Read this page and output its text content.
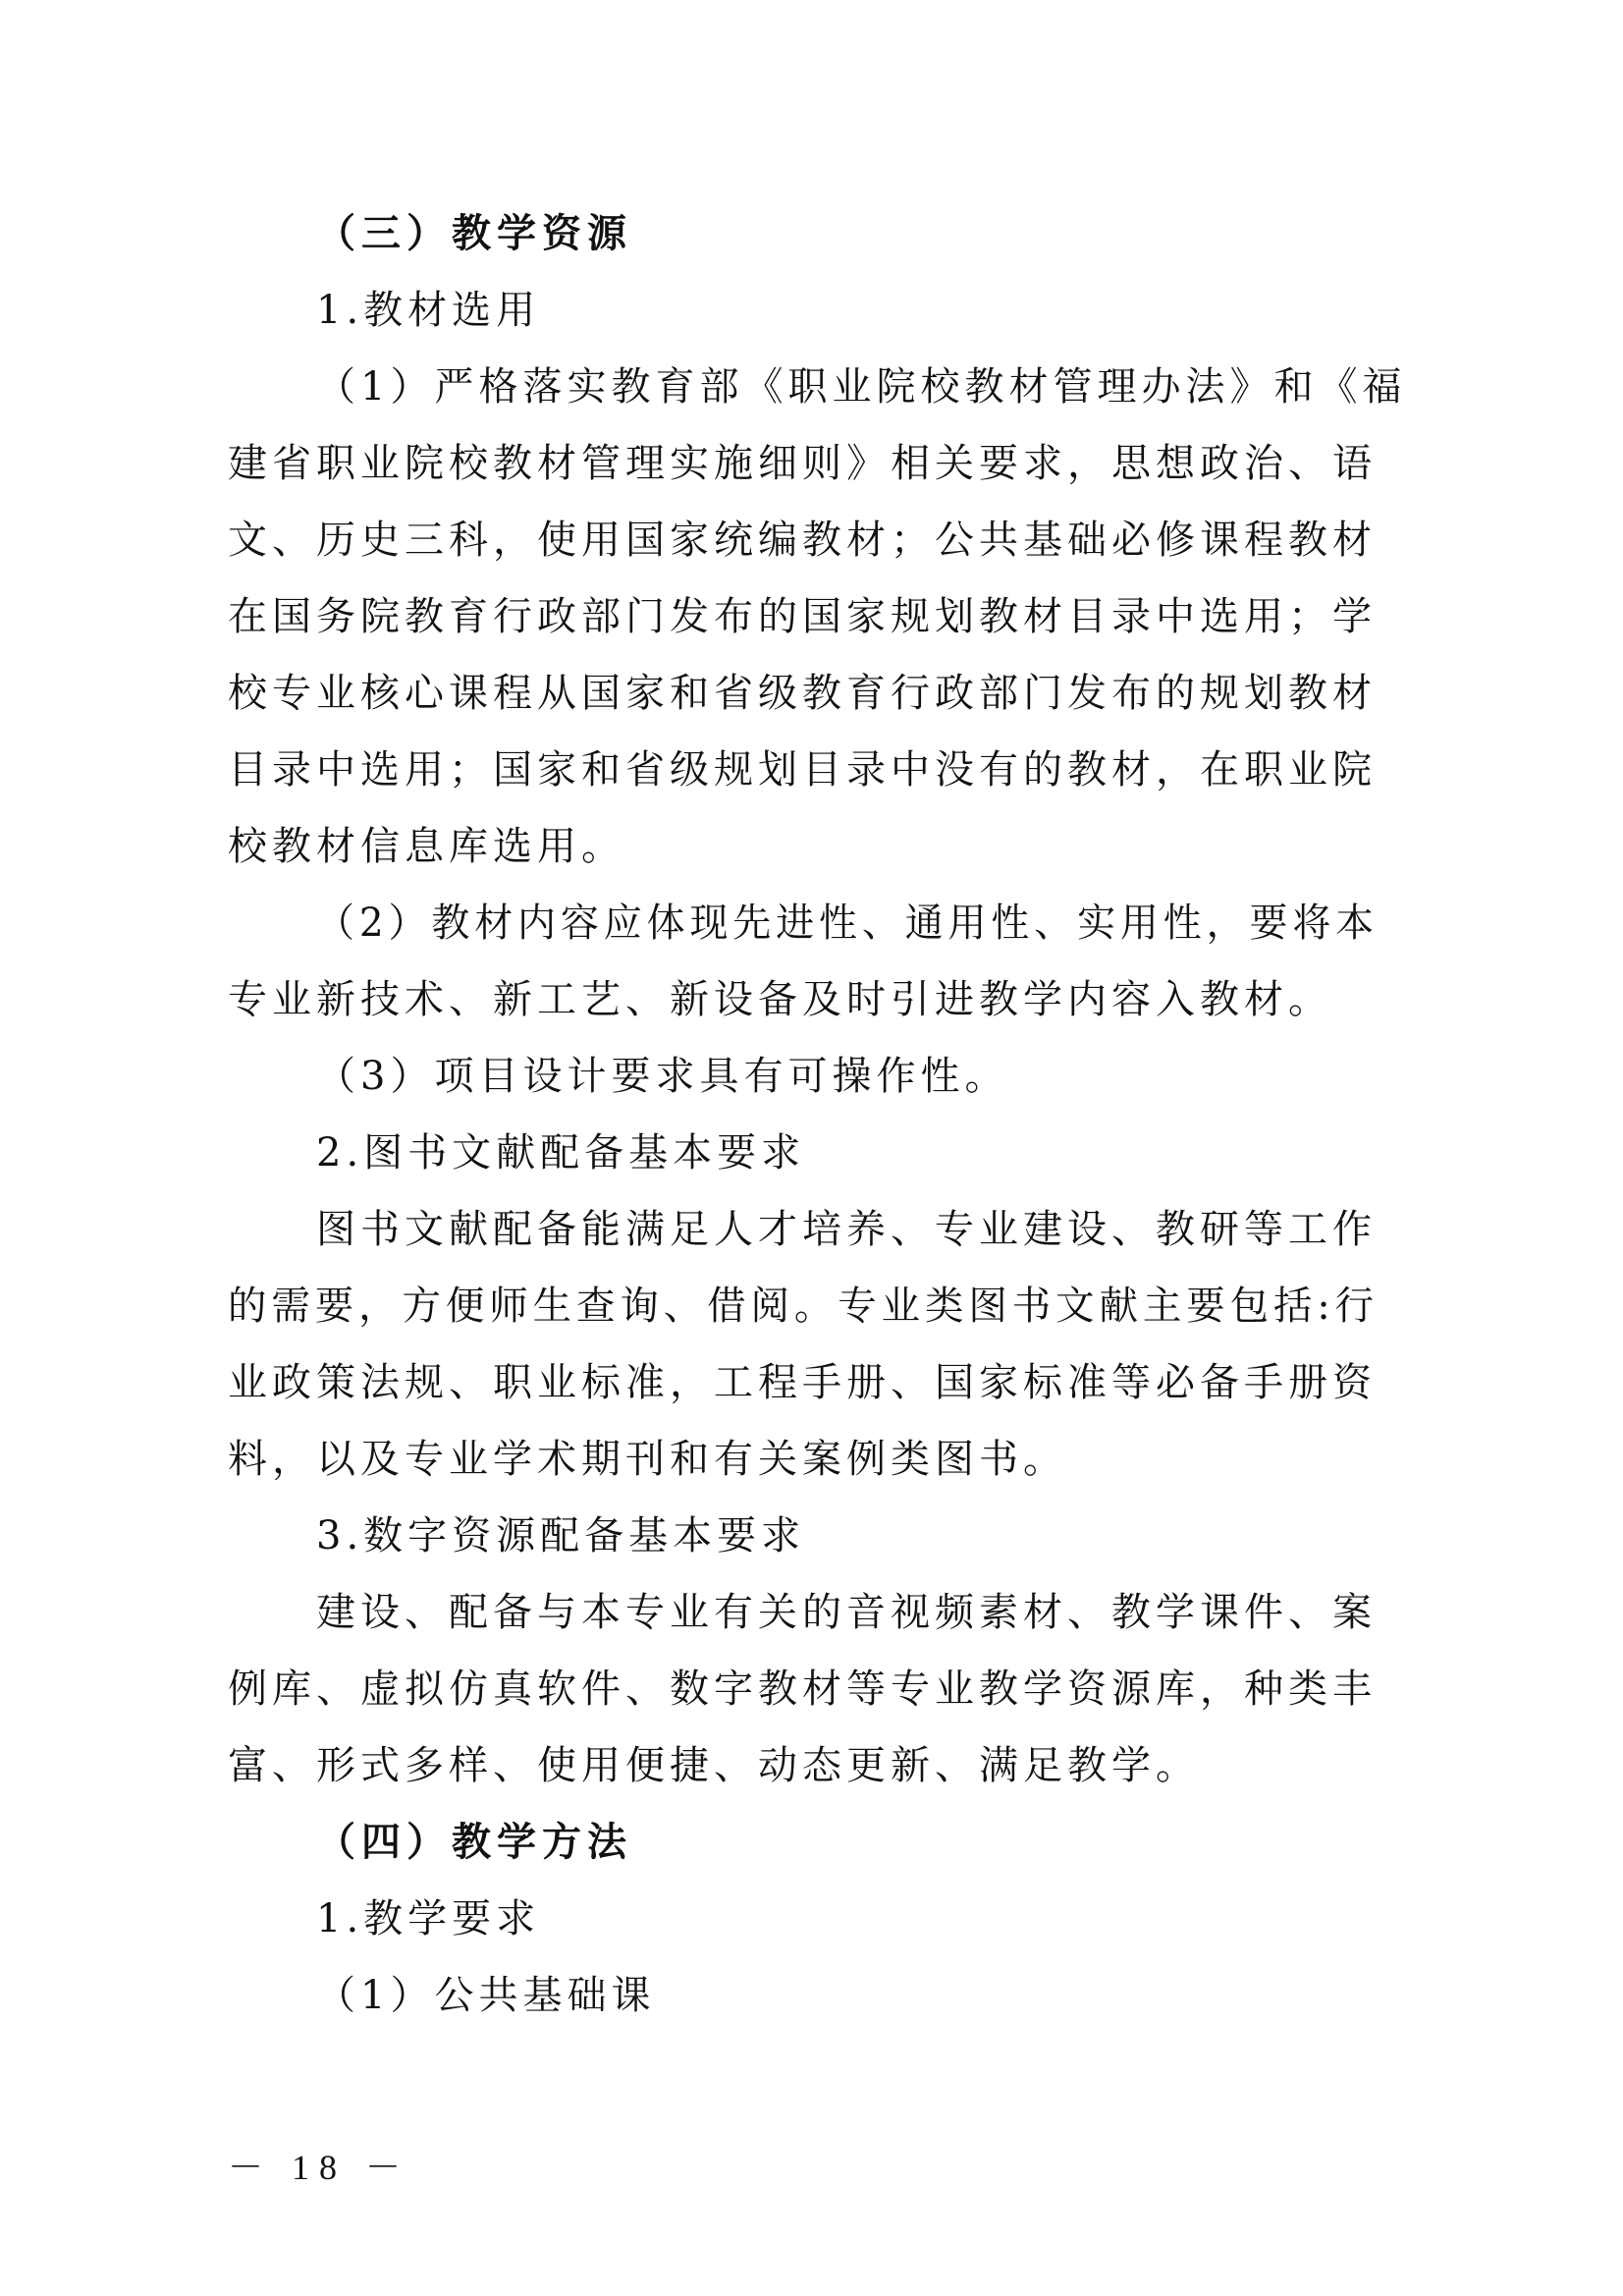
（三）教学资源
1.教材选用
（1）严格落实教育部《职业院校教材管理办法》和《福
建省职业院校教材管理实施细则》相关要求，思想政治、语
文、历史三科，使用国家统编教材；公共基础必修课程教材
在国务院教育行政部门发布的国家规划教材目录中选用；学
校专业核心课程从国家和省级教育行政部门发布的规划教材
目录中选用；国家和省级规划目录中没有的教材，在职业院
校教材信息库选用。
（2）教材内容应体现先进性、通用性、实用性，要将本
专业新技术、新工艺、新设备及时引进教学内容入教材。
（3）项目设计要求具有可操作性。
2.图书文献配备基本要求
图书文献配备能满足人才培养、专业建设、教研等工作
的需要，方便师生查询、借阅。专业类图书文献主要包括:行
业政策法规、职业标准，工程手册、国家标准等必备手册资
料，以及专业学术期刊和有关案例类图书。
3.数字资源配备基本要求
建设、配备与本专业有关的音视频素材、教学课件、案
例库、虚拟仿真软件、数字教材等专业教学资源库，种类丰
富、形式多样、使用便捷、动态更新、满足教学。
（四）教学方法
1.教学要求
（1）公共基础课
－ 18 －
